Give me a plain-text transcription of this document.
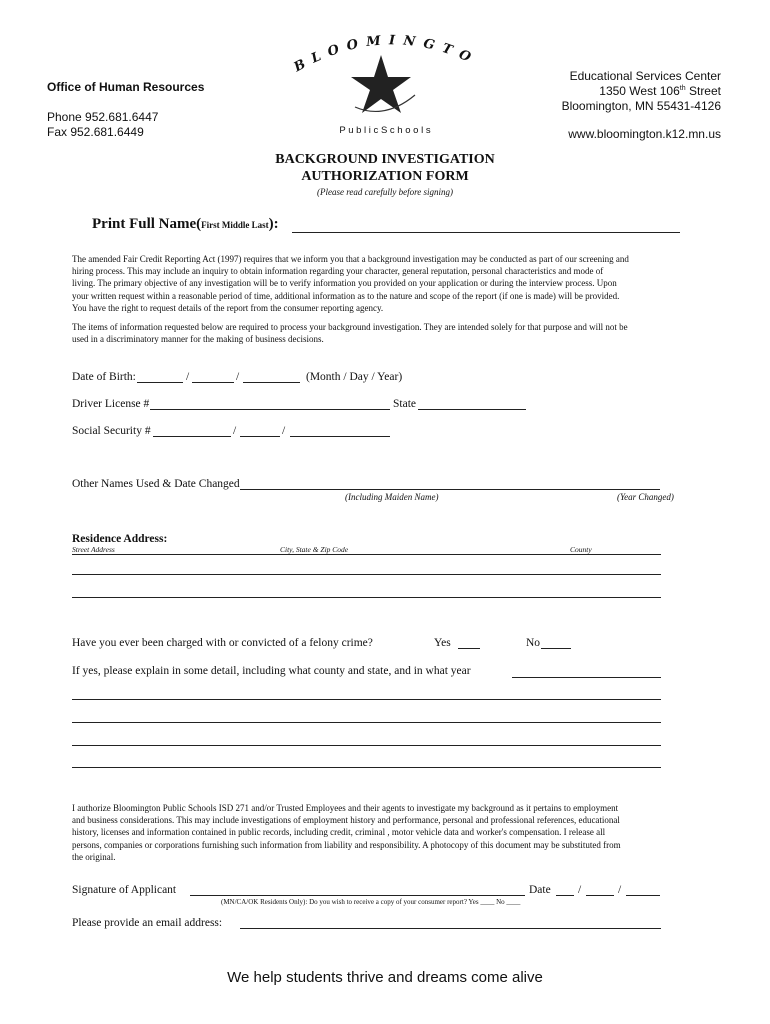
Office of Human Resources
Phone 952.681.6447
Fax 952.681.6449
BLOOMINGTO
P u b l i c S c h o o l s
Educational Services Center
1350 West 106th Street
Bloomington, MN 55431-4126
www.bloomington.k12.mn.us
BACKGROUND INVESTIGATION
AUTHORIZATION FORM
(Please read carefully before signing)
Print Full Name(First Middle Last):
The amended Fair Credit Reporting Act (1997) requires that we inform you that a background investigation may be conducted as part of our screening and
hiring process. This may include an inquiry to obtain information regarding your character, general reputation, personal characteristics and mode of
living. The primary objective of any investigation will be to verify information you provided on your application or during the interview process. Upon
your written request within a reasonable period of time, additional information as to the nature and scope of the report (if one is made) will be provided.
You have the right to request details of the report from the consumer reporting agency.
The items of information requested below are required to process your background investigation. They are intended solely for that purpose and will not be
used in a discriminatory manner for the making of business decisions.
Date of Birth:	/	/	(Month / Day / Year)
Driver License #	State
Social Security #	/	/
Other Names Used & Date Changed
(Including Maiden Name)	(Year Changed)
Residence Address:
Street Address	City, State & Zip Code	County
Have you ever been charged with or convicted of a felony crime?	Yes	No
If yes, please explain in some detail, including what county and state, and in what year
I authorize Bloomington Public Schools ISD 271 and/or Trusted Employees and their agents to investigate my background as it pertains to employment
and business considerations. This may include investigations of employment history and performance, personal and professional references, educational
history, licenses and information contained in public records, including credit, criminal , motor vehicle data and worker's compensation. I release all
persons, companies or corporations furnishing such information from liability and responsibility. A photocopy of this document may be substituted from
the original.
Signature of Applicant	Date /	/
(MN/CA/OK Residents Only): Do you wish to receive a copy of your consumer report? Yes ____ No ____
Please provide an email address:
We help students thrive and dreams come alive
